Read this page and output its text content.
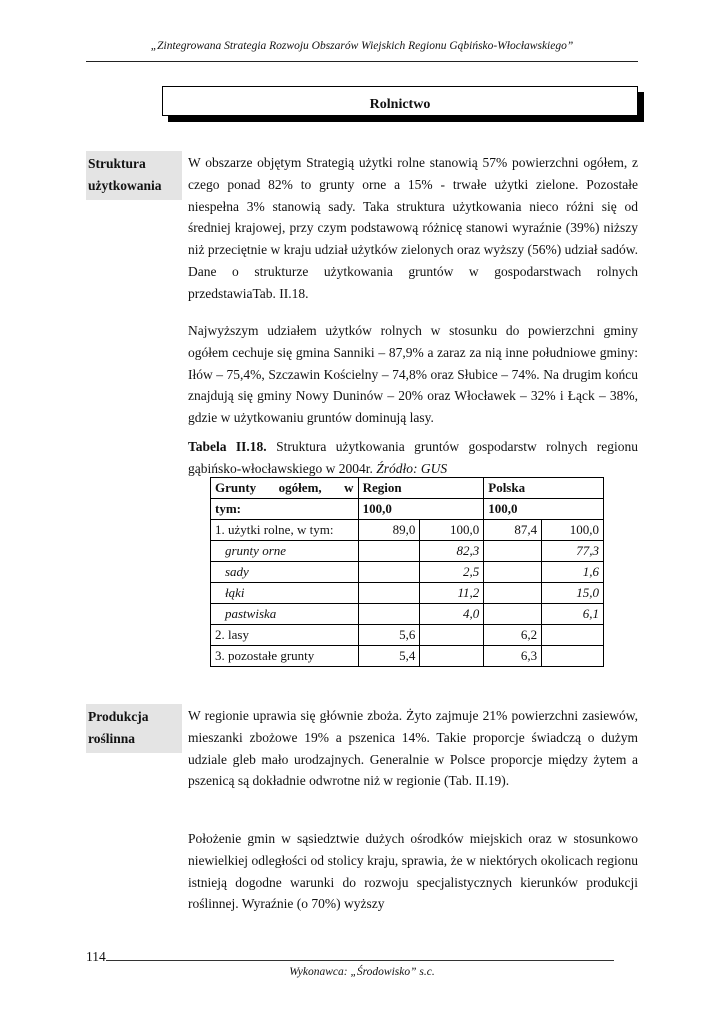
„Zintegrowana Strategia Rozwoju Obszarów Wiejskich Regionu Gąbińsko-Włocławskiego”
Rolnictwo
Struktura
użytkowania
W obszarze objętym Strategią użytki rolne stanowią 57% powierzchni ogółem, z czego ponad 82% to grunty orne a 15% - trwałe użytki zielone. Pozostałe niespełna 3% stanowią sady. Taka struktura użytkowania nieco różni się od średniej krajowej, przy czym podstawową różnicę stanowi wyraźnie (39%) niższy niż przeciętnie w kraju udział użytków zielonych oraz wyższy (56%) udział sadów. Dane o strukturze użytkowania gruntów w gospodarstwach rolnych przedstawiaTab. II.18.
Najwyższym udziałem użytków rolnych w stosunku do powierzchni gminy ogółem cechuje się gmina Sanniki – 87,9% a zaraz za nią inne południowe gminy: Iłów – 75,4%, Szczawin Kościelny – 74,8% oraz Słubice – 74%. Na drugim końcu znajdują się gminy Nowy Duninów – 20% oraz Włocławek – 32% i Łąck – 38%, gdzie w użytkowaniu gruntów dominują lasy.
Tabela II.18. Struktura użytkowania gruntów gospodarstw rolnych regionu gąbińsko-włocławskiego w 2004r. Źródło: GUS
Grunty ogółem, w	Region		Polska	
tym:	100,0		100,0	
1. użytki rolne, w tym:	89,0	100,0	87,4	100,0
grunty orne		82,3		77,3
sady		2,5		1,6
łąki		11,2		15,0
pastwiska		4,0		6,1
2. lasy	5,6		6,2	
3. pozostałe grunty	5,4		6,3	
Produkcja
roślinna
W regionie uprawia się głównie zboża. Żyto zajmuje 21% powierzchni zasiewów, mieszanki zbożowe 19% a pszenica 14%. Takie proporcje świadczą o dużym udziale gleb mało urodzajnych. Generalnie w Polsce proporcje między żytem a pszenicą są dokładnie odwrotne niż w regionie (Tab. II.19).
Położenie gmin w sąsiedztwie dużych ośrodków miejskich oraz w stosunkowo niewielkiej odległości od stolicy kraju, sprawia, że w niektórych okolicach regionu istnieją dogodne warunki do rozwoju specjalistycznych kierunków produkcji roślinnej. Wyraźnie (o 70%) wyższy
114
Wykonawca: „Środowisko” s.c.
